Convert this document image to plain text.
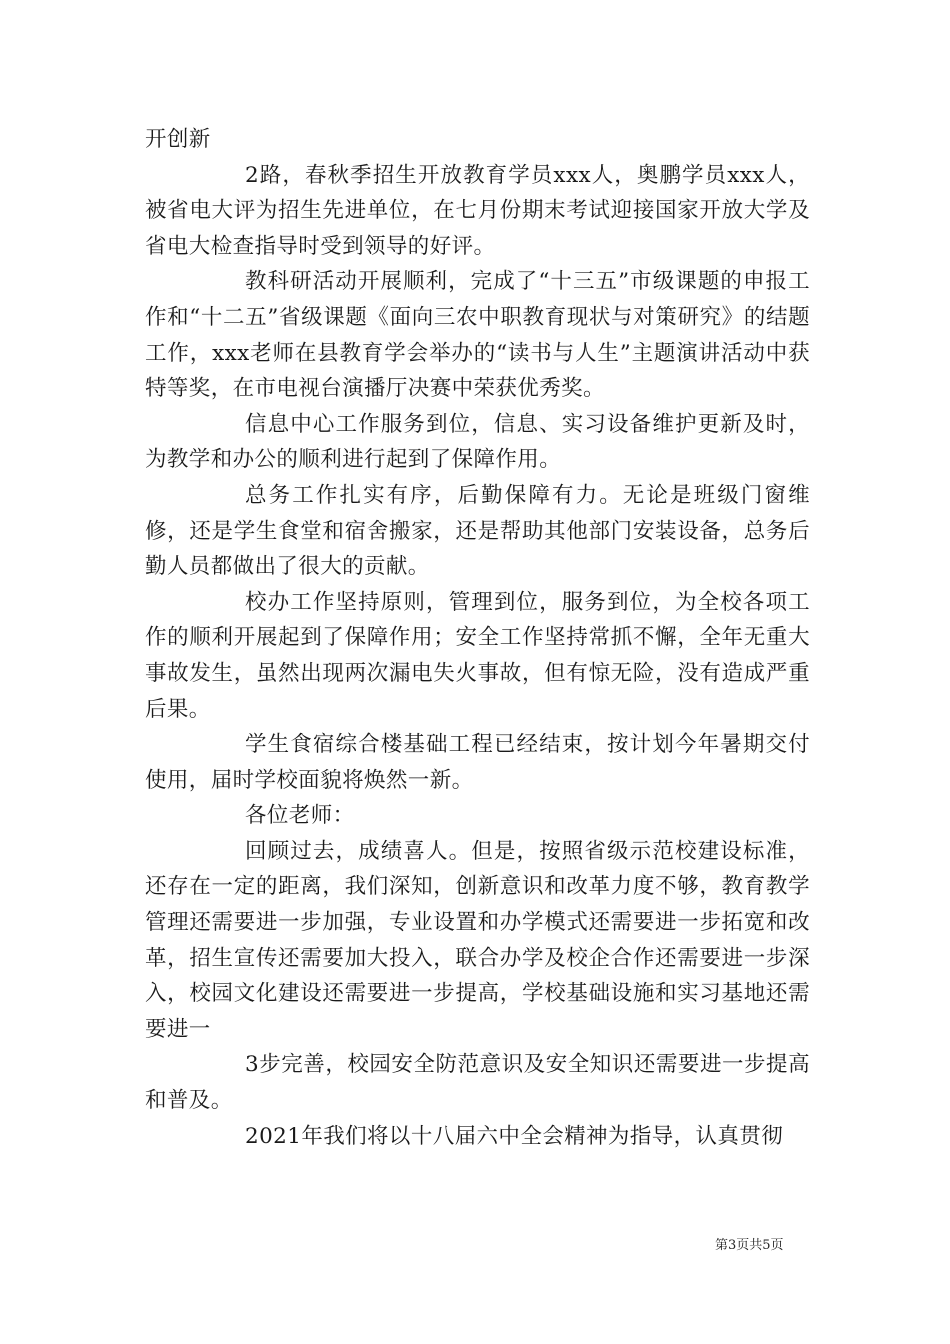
开创新

2路，春秋季招生开放教育学员xxx人，奥鹏学员xxx人，被省电大评为招生先进单位，在七月份期末考试迎接国家开放大学及省电大检查指导时受到领导的好评。

教科研活动开展顺利，完成了“十三五”市级课题的申报工作和“十二五”省级课题《面向三农中职教育现状与对策研究》的结题工作，xxx老师在县教育学会举办的“读书与人生”主题演讲活动中获特等奖，在市电视台演播厅决赛中荣获优秀奖。

信息中心工作服务到位，信息、实习设备维护更新及时，为教学和办公的顺利进行起到了保障作用。

总务工作扎实有序，后勤保障有力。无论是班级门窗维修，还是学生食堂和宿舍搬家，还是帮助其他部门安装设备，总务后勤人员都做出了很大的贡献。

校办工作坚持原则，管理到位，服务到位，为全校各项工作的顺利开展起到了保障作用；安全工作坚持常抓不懈，全年无重大事故发生，虽然出现两次漏电失火事故，但有惊无险，没有造成严重后果。

学生食宿综合楼基础工程已经结束，按计划今年暑期交付使用，届时学校面貌将焕然一新。

各位老师：

回顾过去，成绩喜人。但是，按照省级示范校建设标准，还存在一定的距离，我们深知，创新意识和改革力度不够，教育教学管理还需要进一步加强，专业设置和办学模式还需要进一步拓宽和改革，招生宣传还需要加大投入，联合办学及校企合作还需要进一步深入，校园文化建设还需要进一步提高，学校基础设施和实习基地还需要进一

3步完善，校园安全防范意识及安全知识还需要进一步提高和普及。

2021年我们将以十八届六中全会精神为指导，认真贯彻

第3页共5页
